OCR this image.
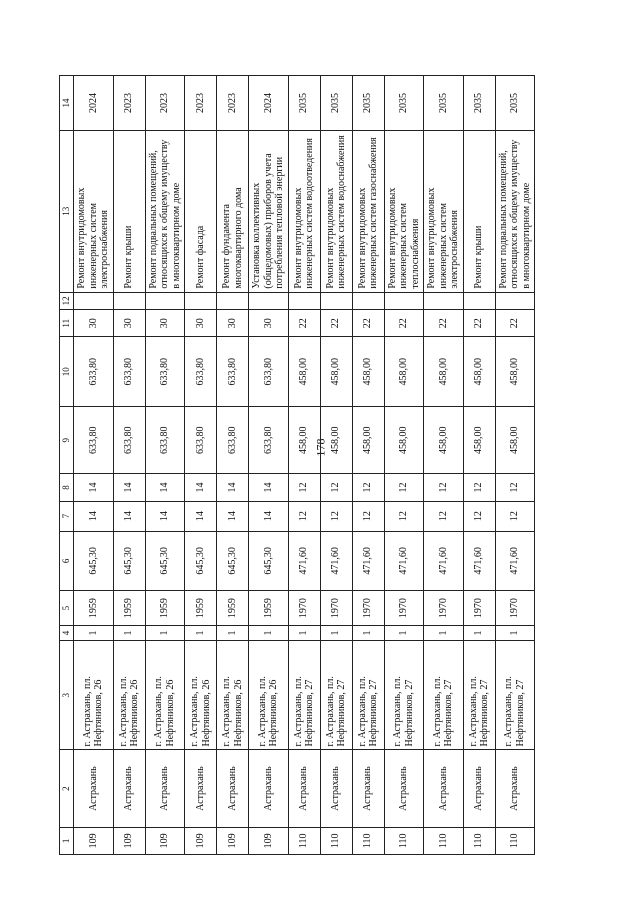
178
1	2	3	4	5	6	7	8	9	10	11	12	13	14
109	Астрахань	г. Астрахань, пл. Нефтяников, 26	1	1959	645,30	14	14	633,80	633,80	30		Ремонт внутридомовых инженерных систем электроснабжения	2024
109	Астрахань	г. Астрахань, пл. Нефтяников, 26	1	1959	645,30	14	14	633,80	633,80	30		Ремонт крыши	2023
109	Астрахань	г. Астрахань, пл. Нефтяников, 26	1	1959	645,30	14	14	633,80	633,80	30		Ремонт подвальных помещений, относящихся к общему имуществу в многоквартирном доме	2023
109	Астрахань	г. Астрахань, пл. Нефтяников, 26	1	1959	645,30	14	14	633,80	633,80	30		Ремонт фасада	2023
109	Астрахань	г. Астрахань, пл. Нефтяников, 26	1	1959	645,30	14	14	633,80	633,80	30		Ремонт фундамента многоквартирного дома	2023
109	Астрахань	г. Астрахань, пл. Нефтяников, 26	1	1959	645,30	14	14	633,80	633,80	30		Установка коллективных (общедомовых) приборов учета потребления тепловой энергии	2024
110	Астрахань	г. Астрахань, пл. Нефтяников, 27	1	1970	471,60	12	12	458,00	458,00	22		Ремонт внутридомовых инженерных систем водоотведения	2035
110	Астрахань	г. Астрахань, пл. Нефтяников, 27	1	1970	471,60	12	12	458,00	458,00	22		Ремонт внутридомовых инженерных систем водоснабжения	2035
110	Астрахань	г. Астрахань, пл. Нефтяников, 27	1	1970	471,60	12	12	458,00	458,00	22		Ремонт внутридомовых инженерных систем газоснабжения	2035
110	Астрахань	г. Астрахань, пл. Нефтяников, 27	1	1970	471,60	12	12	458,00	458,00	22		Ремонт внутридомовых инженерных систем теплоснабжения	2035
110	Астрахань	г. Астрахань, пл. Нефтяников, 27	1	1970	471,60	12	12	458,00	458,00	22		Ремонт внутридомовых инженерных систем электроснабжения	2035
110	Астрахань	г. Астрахань, пл. Нефтяников, 27	1	1970	471,60	12	12	458,00	458,00	22		Ремонт крыши	2035
110	Астрахань	г. Астрахань, пл. Нефтяников, 27	1	1970	471,60	12	12	458,00	458,00	22		Ремонт подвальных помещений, относящихся к общему имуществу в многоквартирном доме	2035
